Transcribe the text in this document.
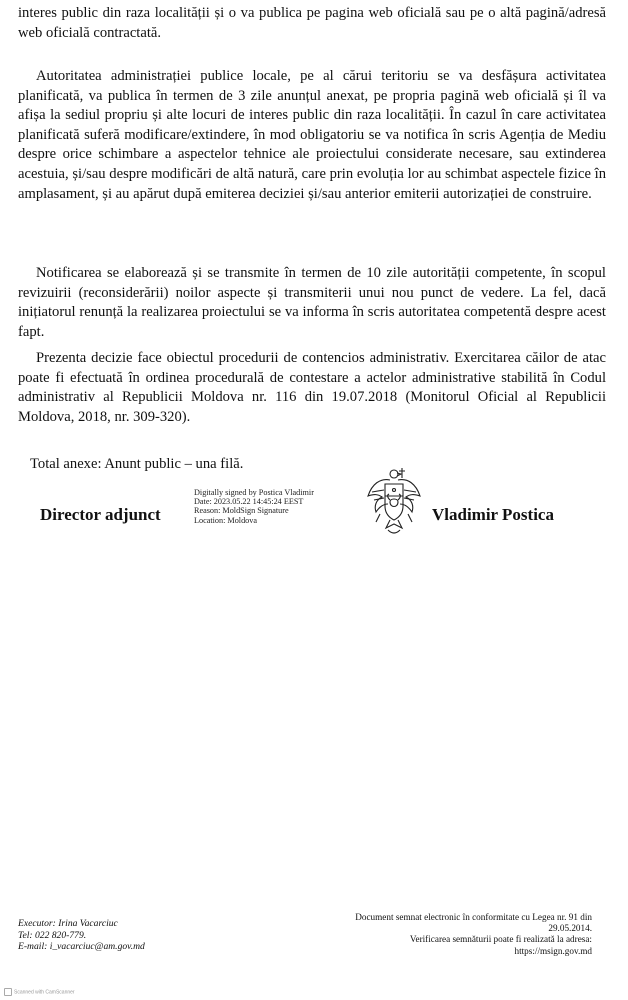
interes public din raza localității și o va publica pe pagina web oficială sau pe o altă pagină/adresă web oficială contractată.

Autoritatea administrației publice locale, pe al cărui teritoriu se va desfășura activitatea planificată, va publica în termen de 3 zile anunțul anexat, pe propria pagină web oficială și îl va afișa la sediul propriu și alte locuri de interes public din raza localității. În cazul în care activitatea planificată suferă modificare/extindere, în mod obligatoriu se va notifica în scris Agenția de Mediu despre orice schimbare a aspectelor tehnice ale proiectului considerate necesare, sau extinderea acestuia, și/sau despre modificări de altă natură, care prin evoluția lor au schimbat aspectele fizice în amplasament, și au apărut după emiterea deciziei și/sau anterior emiterii autorizației de construire.

Notificarea se elaborează și se transmite în termen de 10 zile autorității competente, în scopul revizuirii (reconsiderării) noilor aspecte și transmiterii unui nou punct de vedere. La fel, dacă inițiatorul renunță la realizarea proiectului se va informa în scris autoritatea competentă despre acest fapt.

Prezenta decizie face obiectul procedurii de contencios administrativ. Exercitarea căilor de atac poate fi efectuată în ordinea procedurală de contestare a actelor administrative stabilită în Codul administrativ al Republicii Moldova nr. 116 din 19.07.2018 (Monitorul Oficial al Republicii Moldova, 2018, nr. 309-320).

Total anexe: Anunt public – una filă.
Director adjunct
Digitally signed by Postica Vladimir
Date: 2023.05.22 14:45:24 EEST
Reason: MoldSign Signature
Location: Moldova	Vladimir Postica
Executor: Irina Vacarciuc
Tel: 022 820-779.
E-mail: i_vacarciuc@am.gov.md
Document semnat electronic în conformitate cu Legea nr. 91 din
29.05.2014.
Verificarea semnăturii poate fi realizată la adresa:
https://msign.gov.md
Scanned with CamScanner
